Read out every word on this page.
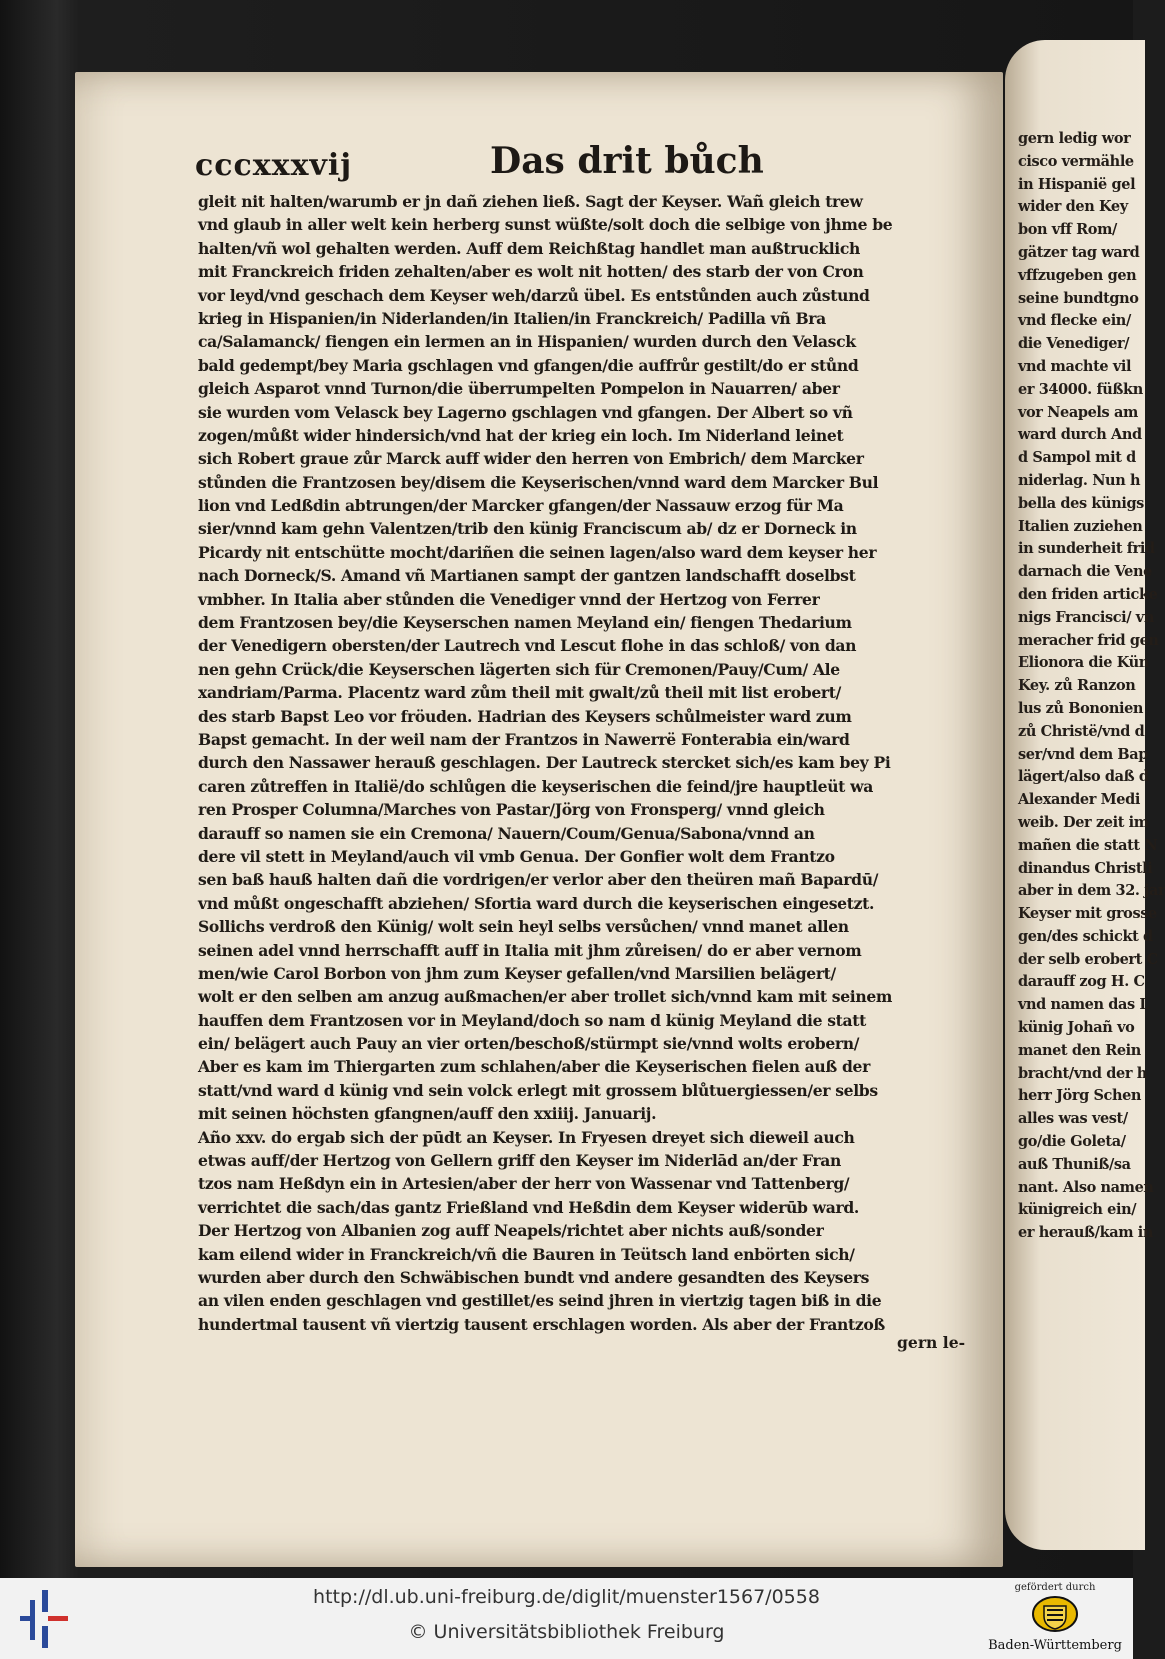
gern ledig wor
cisco vermähle
in Hispanië gel
wider den Key
bon vff Rom/
gätzer tag ward
vffzugeben gen
seine bundtgno
vnd flecke ein/
die Venediger/
vnd machte vil
er 34000. füßkn
vor Neapels am
ward durch And
d Sampol mit d
niderlag. Nun h
bella des künigs
Italien zuziehen
in sunderheit frid
darnach die Vene
den friden articke
nigs Francisci/ vn
meracher frid gen
Elionora die Kün
Key. zů Ranzon
lus zů Bononien
zů Christë/vnd d
ser/vnd dem Bap
lägert/also daß d
Alexander Medi
weib. Der zeit im
mañen die statt N
dinandus Christli
aber in dem 32. jar
Keyser mit grosse
gen/des schickt d
der selb erobert C
darauff zog H. C
vnd namen das L
künig Johañ vo
manet den Rein
bracht/vnd der h
herr Jörg Schen
alles was vest/
go/die Goleta/
auß Thuniß/sa
nant. Also namen
künigreich ein/
er herauß/kam in
cccxxxvij	Das drit bůch
gleit nit halten/warumb er jn dañ ziehen ließ. Sagt der Keyser. Wañ gleich trew
vnd glaub in aller welt kein herberg sunst wüßte/solt doch die selbige von jhme be
halten/vñ wol gehalten werden. Auff dem Reichßtag handlet man außtrucklich
mit Franckreich friden zehalten/aber es wolt nit hotten/ des starb der von Cron
vor leyd/vnd geschach dem Keyser weh/darzů übel. Es entstůnden auch zůstund
krieg in Hispanien/in Niderlanden/in Italien/in Franckreich/ Padilla vñ Bra
ca/Salamanck/ fiengen ein lermen an in Hispanien/ wurden durch den Velasck
bald gedempt/bey Maria gschlagen vnd gfangen/die auffrůr gestilt/do er stůnd
gleich Asparot vnnd Turnon/die überrumpelten Pompelon in Nauarren/ aber
sie wurden vom Velasck bey Lagerno gschlagen vnd gfangen. Der Albert so vñ
zogen/můßt wider hindersich/vnd hat der krieg ein loch. Im Niderland leinet
sich Robert graue zůr Marck auff wider den herren von Embrich/ dem Marcker
stůnden die Frantzosen bey/disem die Keyserischen/vnnd ward dem Marcker Bul
lion vnd Ledßdin abtrungen/der Marcker gfangen/der Nassauw erzog für Ma
sier/vnnd kam gehn Valentzen/trib den künig Franciscum ab/ dz er Dorneck in
Picardy nit entschütte mocht/dariñen die seinen lagen/also ward dem keyser her
nach Dorneck/S. Amand vñ Martianen sampt der gantzen landschafft doselbst
vmbher. In Italia aber stůnden die Venediger vnnd der Hertzog von Ferrer
dem Frantzosen bey/die Keyserschen namen Meyland ein/ fiengen Thedarium
der Venedigern obersten/der Lautrech vnd Lescut flohe in das schloß/ von dan
nen gehn Crück/die Keyserschen lägerten sich für Cremonen/Pauy/Cum/ Ale
xandriam/Parma. Placentz ward zům theil mit gwalt/zů theil mit list erobert/
des starb Bapst Leo vor fröuden. Hadrian des Keysers schůlmeister ward zum
Bapst gemacht. In der weil nam der Frantzos in Nawerrë Fonterabia ein/ward
durch den Nassawer herauß geschlagen. Der Lautreck stercket sich/es kam bey Pi
caren zůtreffen in Italië/do schlůgen die keyserischen die feind/jre hauptleüt wa
ren Prosper Columna/Marches von Pastar/Jörg von Fronsperg/ vnnd gleich
darauff so namen sie ein Cremona/ Nauern/Coum/Genua/Sabona/vnnd an
dere vil stett in Meyland/auch vil vmb Genua. Der Gonfier wolt dem Frantzo
sen baß hauß halten dañ die vordrigen/er verlor aber den theüren mañ Bapardū/
vnd můßt ongeschafft abziehen/ Sfortia ward durch die keyserischen eingesetzt.
Sollichs verdroß den Künig/ wolt sein heyl selbs versůchen/ vnnd manet allen
seinen adel vnnd herrschafft auff in Italia mit jhm zůreisen/ do er aber vernom
men/wie Carol Borbon von jhm zum Keyser gefallen/vnd Marsilien belägert/
wolt er den selben am anzug außmachen/er aber trollet sich/vnnd kam mit seinem
hauffen dem Frantzosen vor in Meyland/doch so nam d künig Meyland die statt
ein/ belägert auch Pauy an vier orten/beschoß/stürmpt sie/vnnd wolts erobern/
Aber es kam im Thiergarten zum schlahen/aber die Keyserischen fielen auß der
statt/vnd ward d künig vnd sein volck erlegt mit grossem blůtuergiessen/er selbs
mit seinen höchsten gfangnen/auff den xxiiij. Januarij.
Año xxv. do ergab sich der pūdt an Keyser. In Fryesen dreyet sich dieweil auch
etwas auff/der Hertzog von Gellern griff den Keyser im Niderlād an/der Fran
tzos nam Heßdyn ein in Artesien/aber der herr von Wassenar vnd Tattenberg/
verrichtet die sach/das gantz Frießland vnd Heßdin dem Keyser widerūb ward.
Der Hertzog von Albanien zog auff Neapels/richtet aber nichts auß/sonder
kam eilend wider in Franckreich/vñ die Bauren in Teütsch land enbörten sich/
wurden aber durch den Schwäbischen bundt vnd andere gesandten des Keysers
an vilen enden geschlagen vnd gestillet/es seind jhren in viertzig tagen biß in die
hundertmal tausent vñ viertzig tausent erschlagen worden. Als aber der Frantzoß
gern le-
http://dl.ub.uni-freiburg.de/diglit/muenster1567/0558
© Universitätsbibliothek Freiburg
gefördert durch
Baden-Württemberg
